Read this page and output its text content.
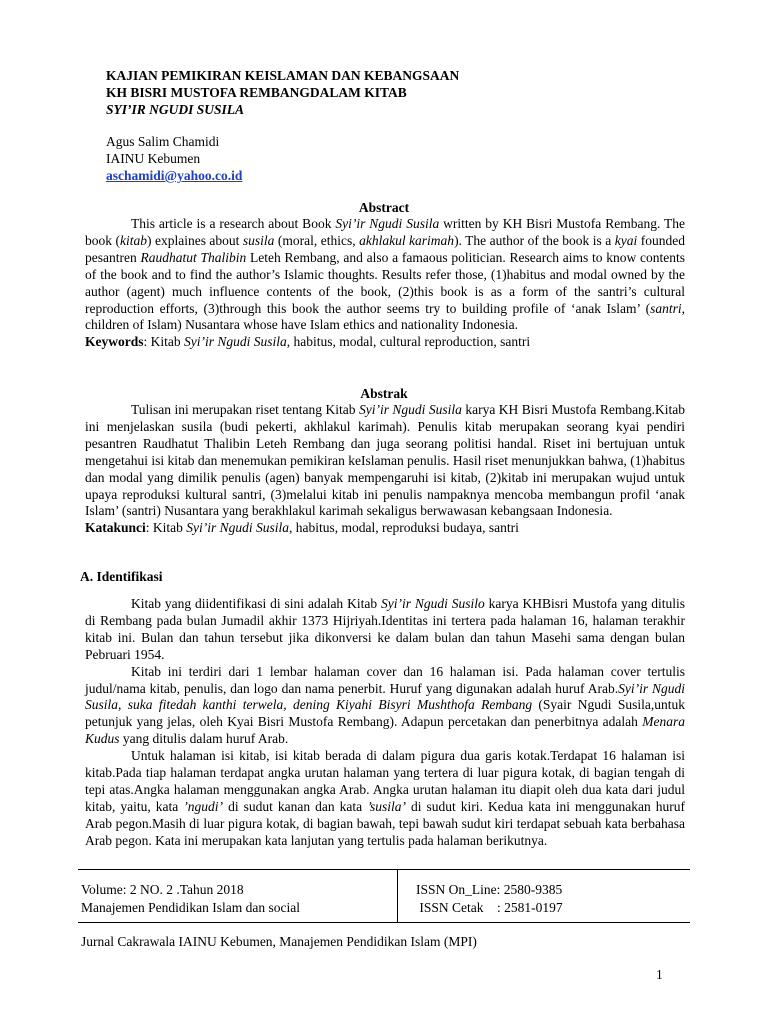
KAJIAN PEMIKIRAN KEISLAMAN DAN KEBANGSAAN
KH BISRI MUSTOFA REMBANGDALAM KITAB
SYI’IR NGUDI SUSILA
Agus Salim Chamidi
IAINU Kebumen
aschamidi@yahoo.co.id
Abstract

This article is a research about Book Syi’ir Ngudi Susila written by KH Bisri Mustofa Rembang. The book (kitab) explaines about susila (moral, ethics, akhlakul karimah). The author of the book is a kyai founded pesantren Raudhatut Thalibin Leteh Rembang, and also a famaous politician. Research aims to know contents of the book and to find the author’s Islamic thoughts. Results refer those, (1)habitus and modal owned by the author (agent) much influence contents of the book, (2)this book is as a form of the santri’s cultural reproduction efforts, (3)through this book the author seems try to building profile of ‘anak Islam’ (santri, children of Islam) Nusantara whose have Islam ethics and nationality Indonesia.

Keywords: Kitab Syi’ir Ngudi Susila, habitus, modal, cultural reproduction, santri

Abstrak

Tulisan ini merupakan riset tentang Kitab Syi’ir Ngudi Susila karya KH Bisri Mustofa Rembang.Kitab ini menjelaskan susila (budi pekerti, akhlakul karimah). Penulis kitab merupakan seorang kyai pendiri pesantren Raudhatut Thalibin Leteh Rembang dan juga seorang politisi handal. Riset ini bertujuan untuk mengetahui isi kitab dan menemukan pemikiran keIslaman penulis. Hasil riset menunjukkan bahwa, (1)habitus dan modal yang dimilik penulis (agen) banyak mempengaruhi isi kitab, (2)kitab ini merupakan wujud untuk upaya reproduksi kultural santri, (3)melalui kitab ini penulis nampaknya mencoba membangun profil ‘anak Islam’ (santri) Nusantara yang berakhlakul karimah sekaligus berwawasan kebangsaan Indonesia.

Katakunci: Kitab Syi’ir Ngudi Susila, habitus, modal, reproduksi budaya, santri

A. Identifikasi

Kitab yang diidentifikasi di sini adalah Kitab Syi’ir Ngudi Susilo karya KHBisri Mustofa yang ditulis di Rembang pada bulan Jumadil akhir 1373 Hijriyah.Identitas ini tertera pada halaman 16, halaman terakhir kitab ini. Bulan dan tahun tersebut jika dikonversi ke dalam bulan dan tahun Masehi sama dengan bulan Pebruari 1954.

Kitab ini terdiri dari 1 lembar halaman cover dan 16 halaman isi. Pada halaman cover tertulis judul/nama kitab, penulis, dan logo dan nama penerbit. Huruf yang digunakan adalah huruf Arab.Syi’ir Ngudi Susila, suka fitedah kanthi terwela, dening Kiyahi Bisyri Mushthofa Rembang (Syair Ngudi Susila,untuk petunjuk yang jelas, oleh Kyai Bisri Mustofa Rembang). Adapun percetakan dan penerbitnya adalah Menara Kudus yang ditulis dalam huruf Arab.

Untuk halaman isi kitab, isi kitab berada di dalam pigura dua garis kotak.Terdapat 16 halaman isi kitab.Pada tiap halaman terdapat angka urutan halaman yang tertera di luar pigura kotak, di bagian tengah di tepi atas.Angka halaman menggunakan angka Arab. Angka urutan halaman itu diapit oleh dua kata dari judul kitab, yaitu, kata ’ngudi’ di sudut kanan dan kata ’susila’ di sudut kiri. Kedua kata ini menggunakan huruf Arab pegon.Masih di luar pigura kotak, di bagian bawah, tepi bawah sudut kiri terdapat sebuah kata berbahasa Arab pegon. Kata ini merupakan kata lanjutan yang tertulis pada halaman berikutnya.

Volume: 2 NO. 2 .Tahun 2018
Manajemen Pendidikan Islam dan social
ISSN On_Line: 2580-9385
ISSN Cetak    : 2581-0197
Jurnal Cakrawala IAINU Kebumen, Manajemen Pendidikan Islam (MPI)
1
